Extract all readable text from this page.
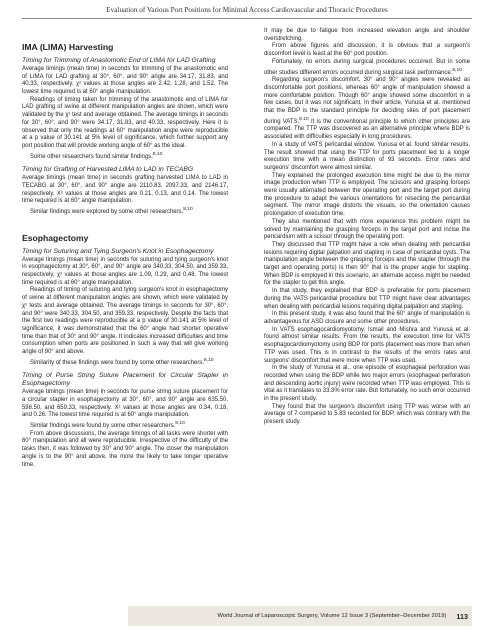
Evaluation of Various Port Positions for Minimal Access Cardiovascular and Thoracic Procedures
IMA (LIMA) Harvesting
Timing for Trimming of Anastomotic End of LIMA for LAD Grafting

Average timings (mean time) in seconds for trimming of the anastomotic end of LIMA for LAD grafting at 30°, 60°, and 90° angle are 34.17, 31.83, and 40.33, respectively. χ² values at those angles are 2.42, 1.28, and 1.52. The lowest time required is at 60° angle manipulation.

Readings of timing taken for trimming of the anastomotic end of LIMA for LAD grafting of swine at different manipulation angles are shown, which were validated by the χ² test and average obtained. The average timings in seconds for 30°, 60°, and 90° were 34.17, 31.83, and 40.33, respectively. Here it is observed that only the readings at 60° manipulation angle were reproducible at a p value of 30.141 at 5% level of significance, which further support any port position that will provide working angle of 60° as the ideal.

Some other researchers found similar findings.$^{8,10}$

Timing for Grafting of Harvested LIMA to LAD in TECABG

Average timings (mean time) in seconds grafting harvested LIMA to LAD in TECABG at 30°, 60°, and 90° angle are 2110.83, 2097.33, and 2146.17, respectively. X² values at those angles are 0.21, 0.13, and 0.14. The lowest time required is at 60° angle manipulation.

Similar findings were explored by some other researchers.$^{8,10}$

Esophagectomy
Timing for Suturing and Tying Surgeon's Knot in Esophagectomy

Average timings (mean time) in seconds for suturing and tying surgeon's knot in esophagectomy at 30°, 60°, and 90° angle are 340.33, 304.50, and 359.33, respectively. χ² values at those angles are 1.09, 0.29, and 0.48. The lowest time required is at 60° angle manipulation.

Readings of timing of suturing and tying surgeon's knot in esophagectomy of swine at different manipulation angles are shown, which were validated by χ² tests and average obtained. The average timings in seconds for 30°, 60°, and 90° were 340.33, 304.50, and 359.33, respectively. Despite the facts that the first two readings were reproducible at a p value of 30.141 at 5% level of significance, it was demonstrated that the 60° angle had shorter operative time than that of 30° and 90° angle. It indicates increased difficulties and time consumption when ports are positioned in such a way that will give working angle of 90° and above.

Similarity of these findings were found by some other researchers.$^{8,10}$

Timing of Purse String Suture Placement for Circular Stapler in Esophagectomy

Average timings (mean time) in seconds for purse string suture placement for a circular stapler in esophagectomy at 30°, 60°, and 90° angle are 635.50, 598.50, and 659.33, respectively. X² values at those angles are 0.34, 0.18, and 0.26. The lowest time required is at 60° angle manipulation.

Similar findings were found by some other researchers.$^{8,10}$

From above discussions, the average timings of all tasks were shorter with 60° manipulation and all were reproducible. Irrespective of the difficulty of the tasks then, it was followed by 30° and 90° angle. The closer the manipulation angle is to the 90° and above, the more the likely to take longer operative time.

It may be due to fatigue from increased elevation angle and shoulder overstretching.

From above figures and discussion, it is obvious that a surgeon's discomfort level is least at the 60° port position.

Fortunately, no errors during surgical procedures occurred. But in some other studies different errors occurred during surgical task performance.$^{8,10}$

Regarding surgeon's discomfort, 30° and 90° angles were revealed as discomfortable port positions, whereas 60° angle of manipulation showed a more comfortable position. Though 60° angle showed some discomfort in a few cases, but it was not significant. In their article, Yunusa et al. mentioned that the BDP is the standard principle for deciding sites of port placement during VATS.$^{8,10}$ It is the conventional principle to which other principles are compared. The TTP was discovered as an alternative principle where BDP is associated with difficulties especially in long procedures.

In a study of VATS pericardial window, Yunusa et al. found similar results. The result showed that using the TTP for ports placement led to a longer execution time with a mean distinction of 93 seconds. Error rates and surgeons' discomfort were almost similar.

They explained the prolonged execution time might be due to the mirror image production when TTP is employed. The scissors and grasping forceps were usually alternated between the operating port and the target port during the procedure to adapt the various orientations for resecting the pericardial segment. The mirror image distorts the visuals, so the orientation causes prolongation of execution time.

They also mentioned that with more experience this problem might be solved by maintaining the grasping forceps in the target port and incise the pericardium with a scissor through the operating port.

They discussed that TTP might have a role when dealing with pericardial lesions requiring digital palpation and stapling in case of pericardial cysts. The manipulation angle between the grasping forceps and the stapler (through the target and operating ports) is then 90° that is the proper angle for stapling. When BDP is employed in this scenario, an alternate access might be needed for the stapler to get this angle.

In that study, they explained that BDP is preferable for ports placement during the VATS pericardial procedure but TTP might have clear advantages when dealing with pericardial lesions requiring digital palpation and stapling.

In this present study, it was also found that the 60° angle of manipulation is advantageous for ASD closure and some other procedures.

In VATS esophagocardiomyotomy, Ismail and Mishra and Yunusa et al. found almost similar results. From the results, the execution time for VATS esophagocardiomyotomy using BDP for ports placement was more than when TTP was used. This is in contrast to the results of the errors rates and surgeons' discomfort that were more when TTP was used.

In the study of Yunusa et al., one episode of esophageal perforation was recorded when using the BDP while two major errors (esophageal perforation and descending aortic injury) were recorded when TTP was employed. This is vital as it translates to 33.3% error rate. But fortunately, no such error occurred in the present study.

They found that the surgeon's discomfort using TTP was worse with an average of 7 compared to 5.83 recorded for BDP, which was contrary with the present study.

World Journal of Laparoscopic Surgery, Volume 12 Issue 3 (September–December 2019)	113
